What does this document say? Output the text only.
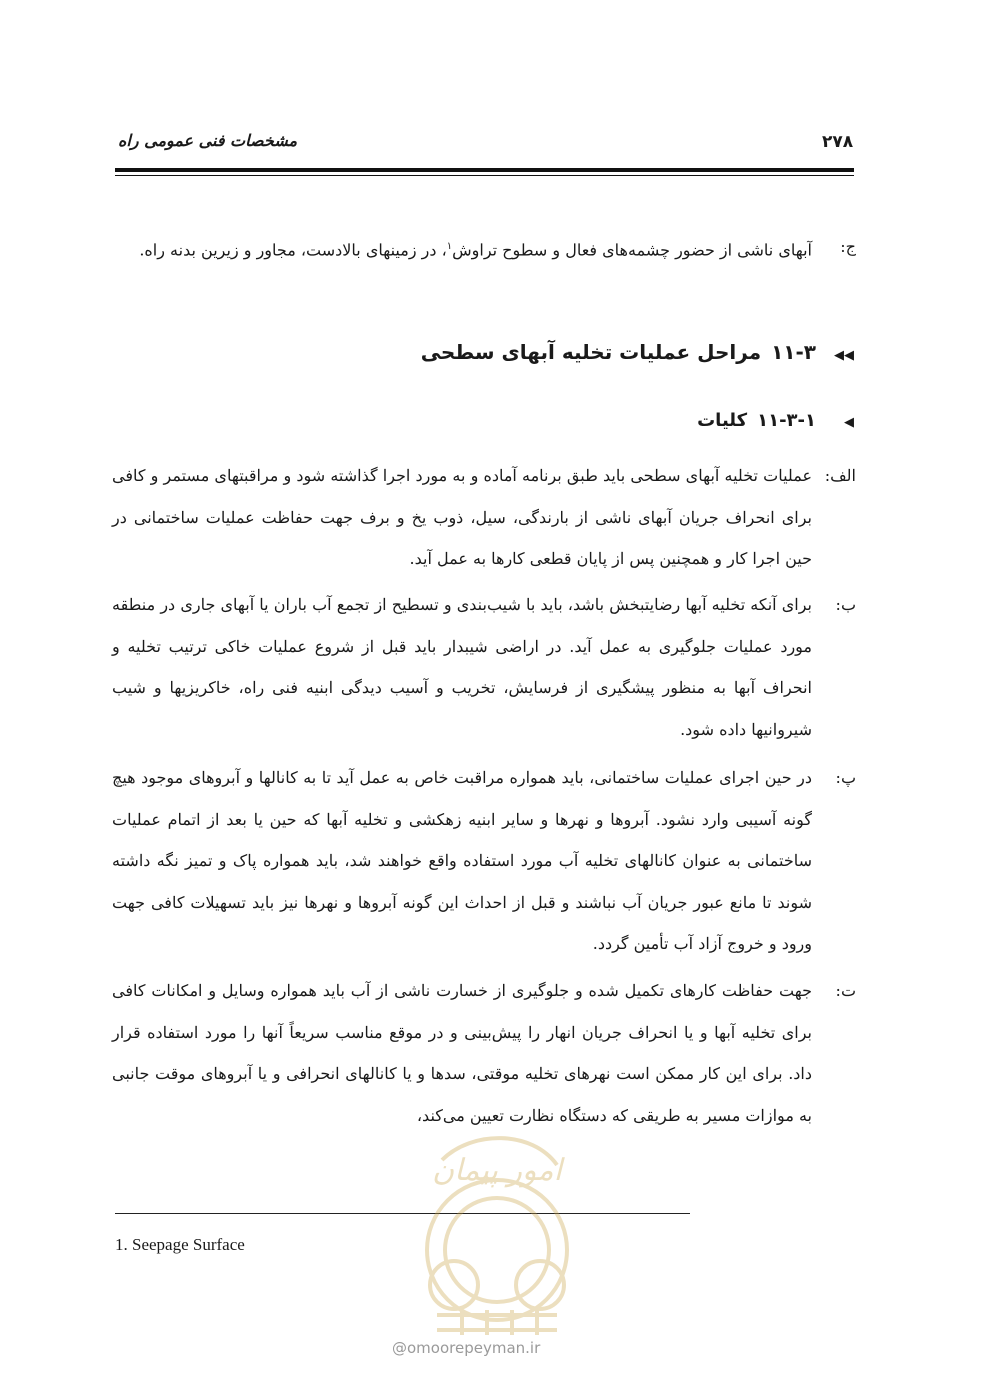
۲۷۸
مشخصات فنی عمومی راه
ج:
آبهای ناشی از حضور چشمه‌های فعال و سطوح تراوش$^۱$، در زمینهای بالادست، مجاور و زیرین بدنه راه.
◀◀۱۱-۳مراحل عملیات تخلیه آبهای سطحی
◀۱۱-۳-۱کلیات
الف:
عملیات تخلیه آبهای سطحی باید طبق برنامه آماده و به مورد اجرا گذاشته شود و مراقبتهای مستمر و کافی برای انحراف جریان آبهای ناشی از بارندگی، سیل، ذوب یخ و برف جهت حفاظت عملیات ساختمانی در حین اجرا کار و همچنین پس از پایان قطعی کارها به عمل آید.
ب:
برای آنکه تخلیه آبها رضایتبخش باشد، باید با شیب‌بندی و تسطیح از تجمع آب باران یا آبهای جاری در منطقه مورد عملیات جلوگیری به عمل آید. در اراضی شیبدار باید قبل از شروع عملیات خاکی ترتیب تخلیه و انحراف آبها به منظور پیشگیری از فرسایش، تخریب و آسیب دیدگی ابنیه فنی راه، خاکریزیها و شیب شیروانیها داده شود.
پ:
در حین اجرای عملیات ساختمانی، باید همواره مراقبت خاص به عمل آید تا به کانالها و آبروهای موجود هیچ گونه آسیبی وارد نشود. آبروها و نهرها و سایر ابنیه زهکشی و تخلیه آبها که حین یا بعد از اتمام عملیات ساختمانی به عنوان کانالهای تخلیه آب مورد استفاده واقع خواهند شد، باید همواره پاک و تمیز نگه داشته شوند تا مانع عبور جریان آب نباشند و قبل از احداث این گونه آبروها و نهرها نیز باید تسهیلات کافی جهت ورود و خروج آزاد آب تأمین گردد.
ت:
جهت حفاظت کارهای تکمیل شده و جلوگیری از خسارت ناشی از آب باید همواره وسایل و امکانات کافی برای تخلیه آبها و یا انحراف جریان انهار را پیش‌بینی و در موقع مناسب سریعاً آنها را مورد استفاده قرار داد. برای این کار ممکن است نهرهای تخلیه موقتی، سدها و یا کانالهای انحرافی و یا آبروهای موقت جانبی به موازات مسیر به طریقی که دستگاه نظارت تعیین می‌کند،
1. Seepage Surface
امور پیمان
@omoorepeyman.ir
